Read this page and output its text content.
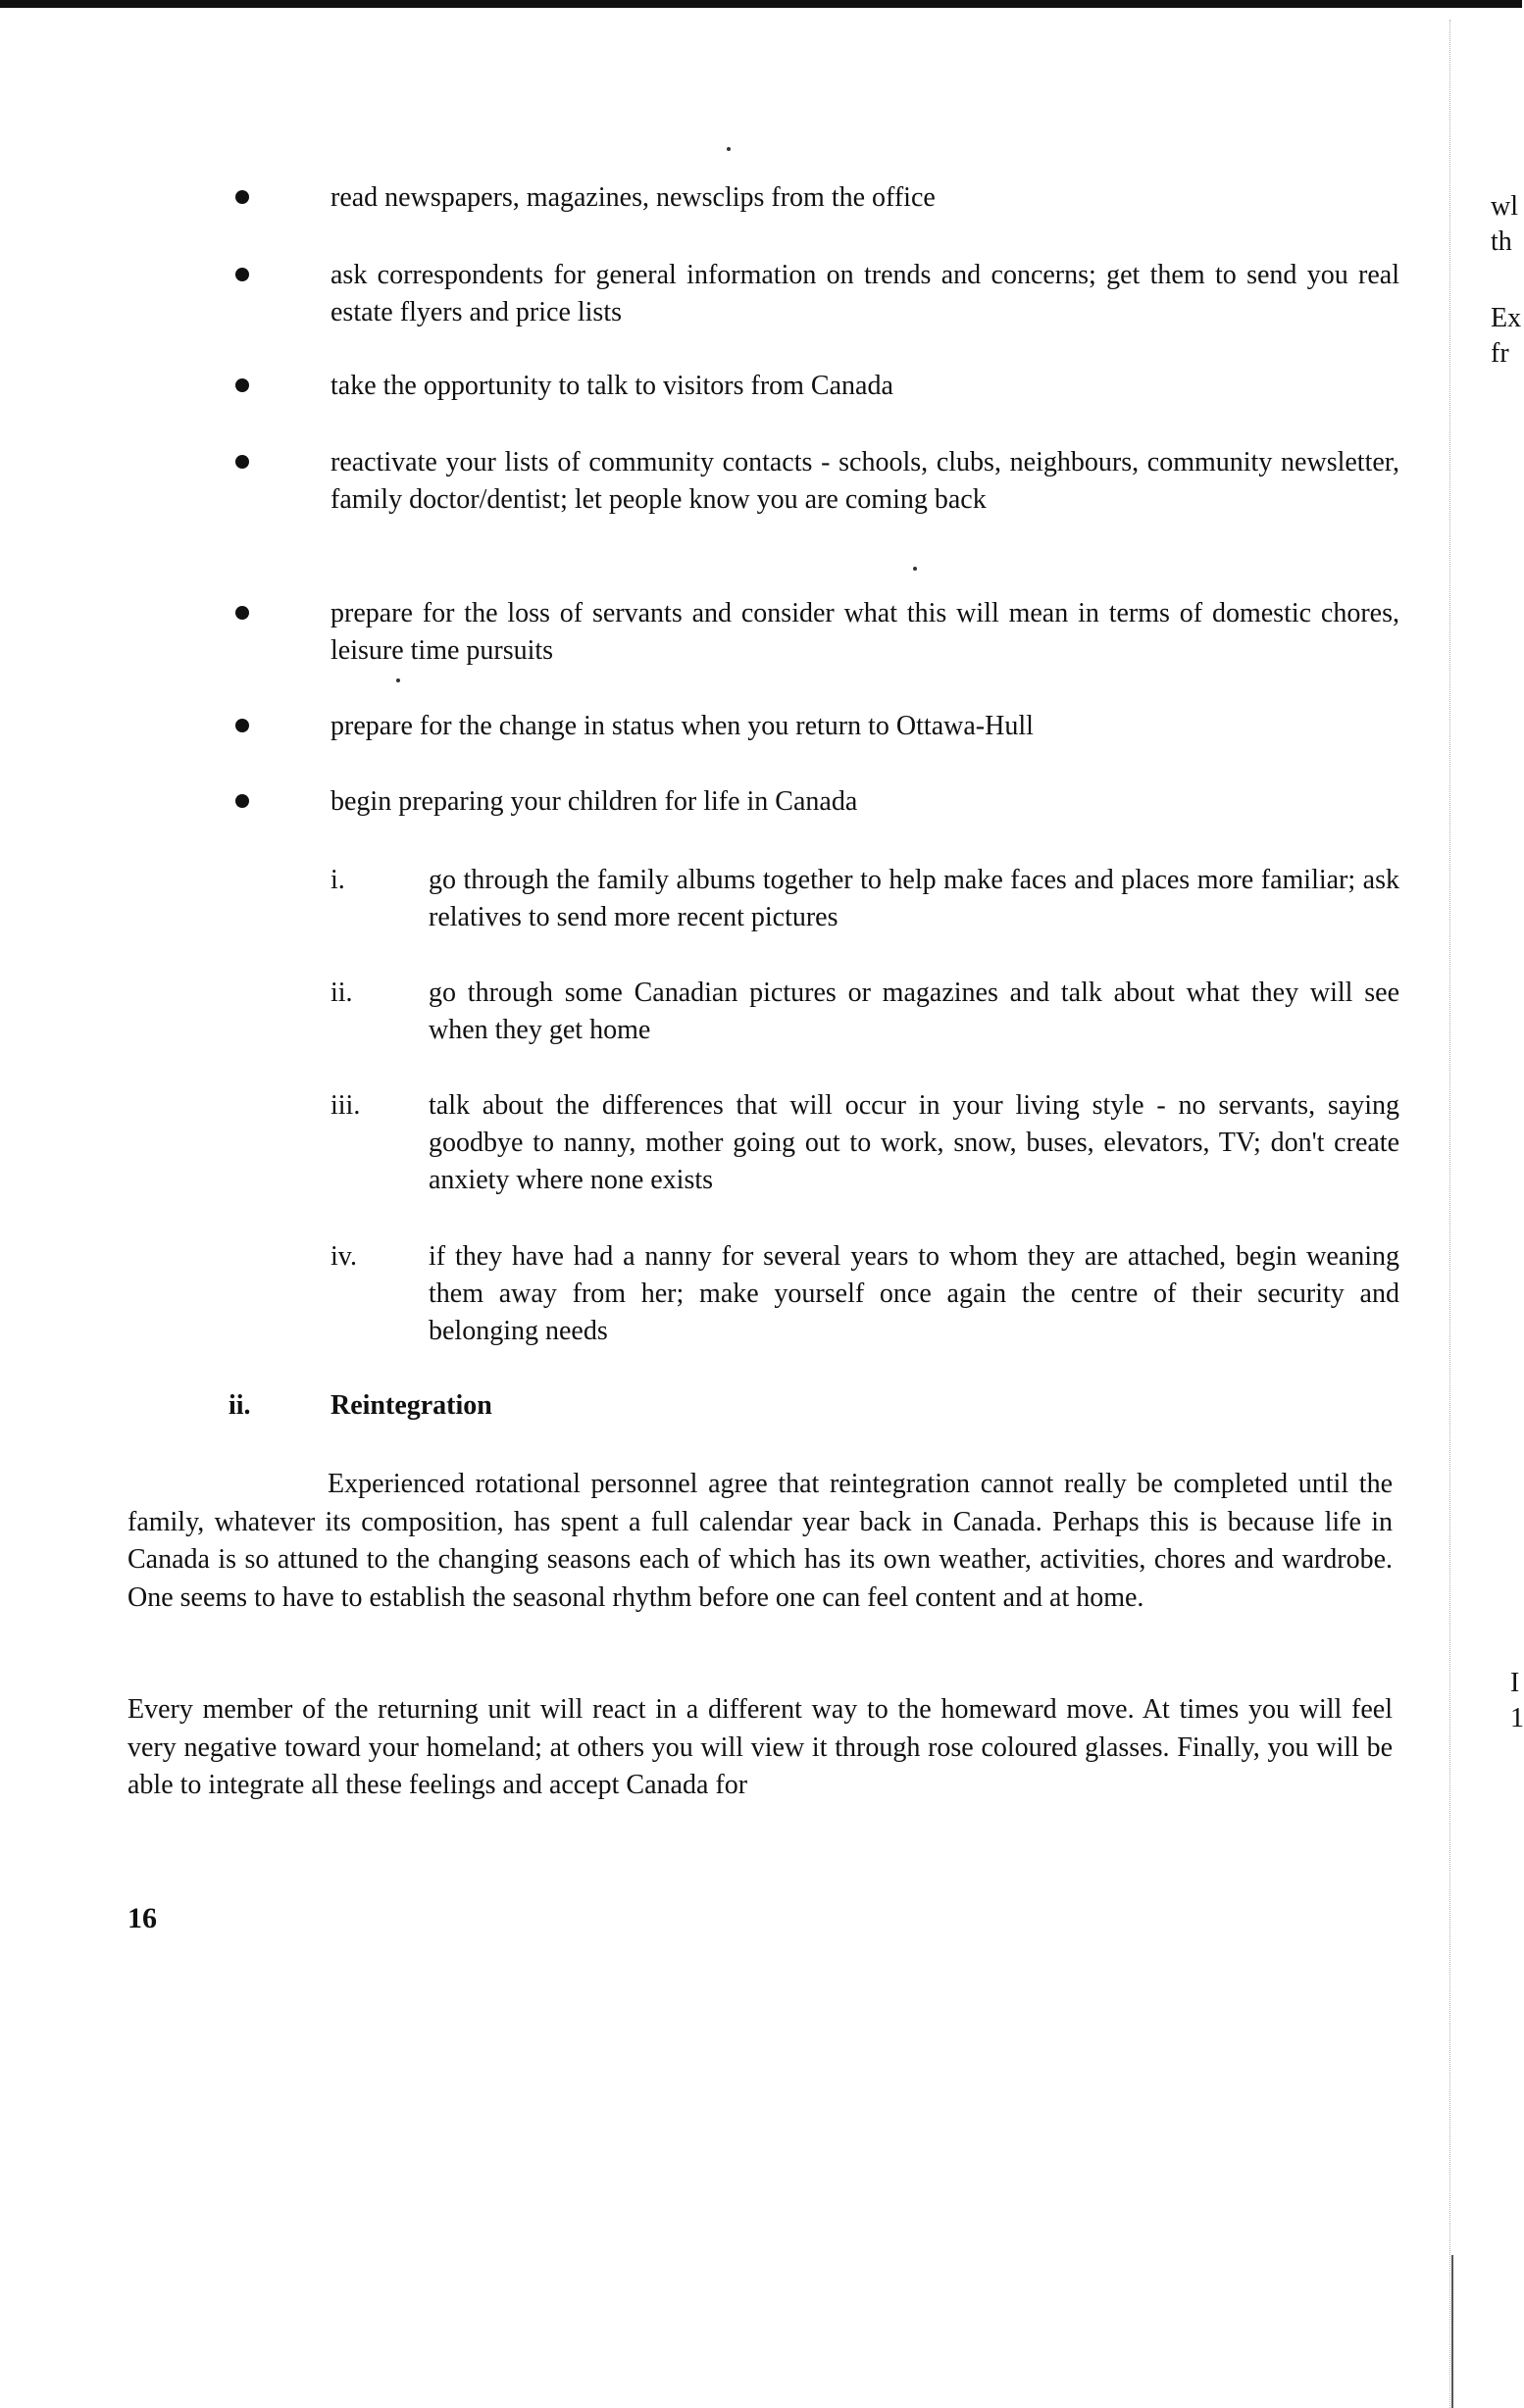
read newspapers, magazines, newsclips from the office
ask correspondents for general information on trends and concerns; get them to send you real estate flyers and price lists
take the opportunity to talk to visitors from Canada
reactivate your lists of community contacts - schools, clubs, neighbours, community newsletter, family doctor/dentist; let people know you are coming back
prepare for the loss of servants and consider what this will mean in terms of domestic chores, leisure time pursuits
prepare for the change in status when you return to Ottawa-Hull
begin preparing your children for life in Canada
i.	go through the family albums together to help make faces and places more familiar; ask relatives to send more recent pictures
ii.	go through some Canadian pictures or magazines and talk about what they will see when they get home
iii. talk about the differences that will occur in your living style - no servants, saying goodbye to nanny, mother going out to work, snow, buses, elevators, TV; don't create anxiety where none exists
iv.	if they have had a nanny for several years to whom they are attached, begin weaning them away from her; make yourself once again the centre of their security and belonging needs
ii.	Reintegration
Experienced rotational personnel agree that reintegration cannot really be completed until the family, whatever its composition, has spent a full calendar year back in Canada. Perhaps this is because life in Canada is so attuned to the changing seasons each of which has its own weather, activities, chores and wardrobe. One seems to have to establish the seasonal rhythm before one can feel content and at home.
Every member of the returning unit will react in a different way to the homeward move. At times you will feel very negative toward your homeland; at others you will view it through rose coloured glasses. Finally, you will be able to integrate all these feelings and accept Canada for
16
wl
th
Ex
fr
I
1
